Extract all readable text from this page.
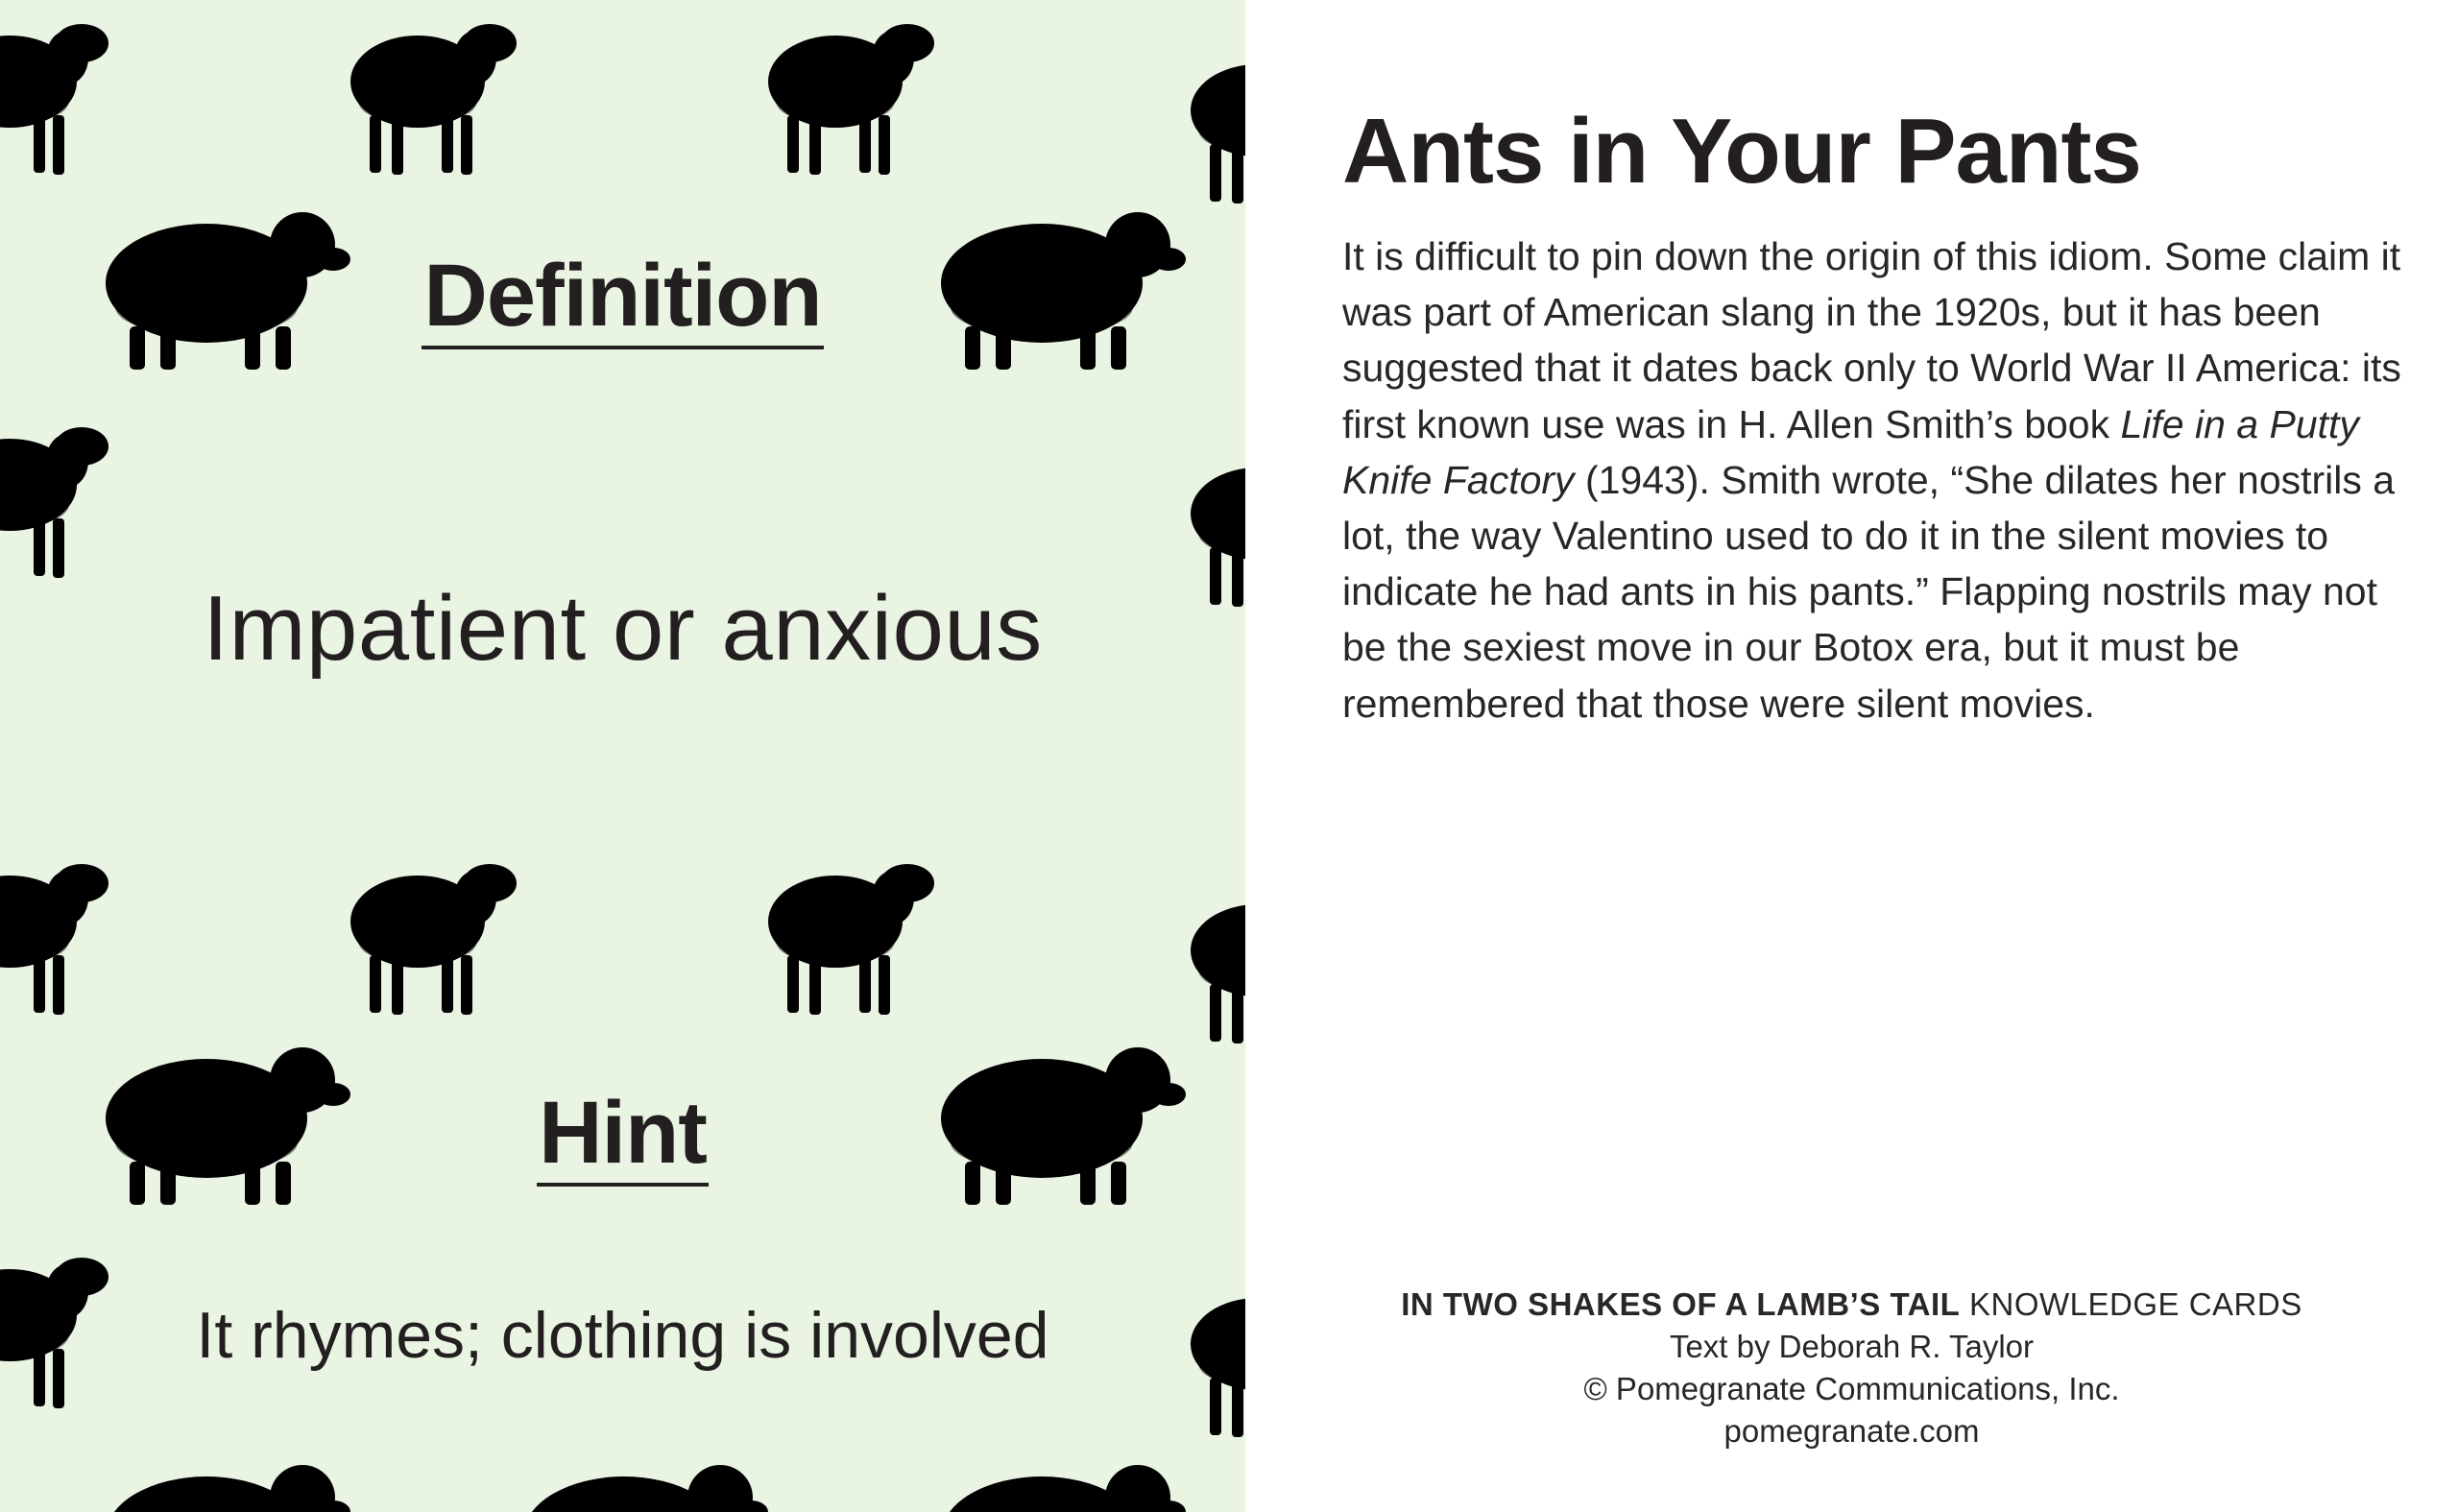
Definition
Impatient or anxious
Hint
It rhymes; clothing is involved
Ants in Your Pants

It is difficult to pin down the origin of this idiom. Some claim it was part of American slang in the 1920s, but it has been suggested that it dates back only to World War II America: its first known use was in H. Allen Smith’s book Life in a Putty Knife Factory (1943). Smith wrote, “She dilates her nostrils a lot, the way Valentino used to do it in the silent movies to indicate he had ants in his pants.” Flapping nostrils may not be the sexiest move in our Botox era, but it must be remembered that those were silent movies.

IN TWO SHAKES OF A LAMB’S TAIL KNOWLEDGE CARDS
Text by Deborah R. Taylor
© Pomegranate Communications, Inc.
pomegranate.com
